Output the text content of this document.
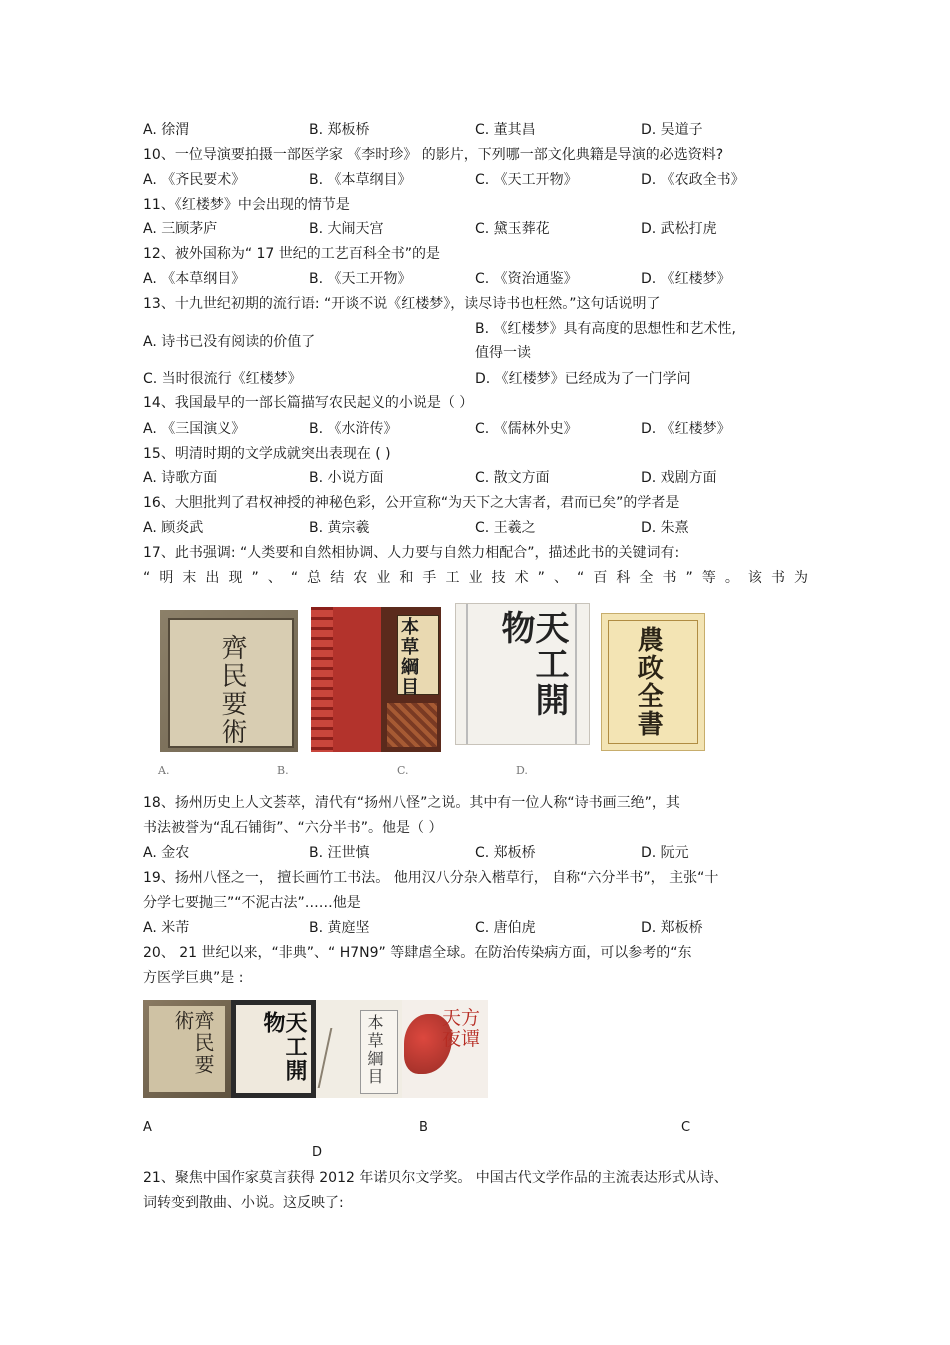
A. 徐渭	B. 郑板桥	C. 董其昌	D. 吴道子
10、一位导演要拍摄一部医学家 《李时珍》 的影片，下列哪一部文化典籍是导演的必选资料?
A. 《齐民要术》	B. 《本草纲目》	C. 《天工开物》	D. 《农政全书》
11、《红楼梦》中会出现的情节是
A. 三顾茅庐	B. 大闹天宫	C. 黛玉葬花	D. 武松打虎
12、被外国称为“ 17 世纪的工艺百科全书”的是
A. 《本草纲目》	B. 《天工开物》	C. 《资治通鉴》	D. 《红楼梦》
13、十九世纪初期的流行语: “开谈不说《红楼梦》，读尽诗书也枉然。”这句话说明了
A. 诗书已没有阅读的价值了
B. 《红楼梦》具有高度的思想性和艺术性,
值得一读
C. 当时很流行《红楼梦》	D. 《红楼梦》已经成为了一门学问
14、我国最早的一部长篇描写农民起义的小说是（ ）
A. 《三国演义》	B. 《水浒传》	C. 《儒林外史》	D. 《红楼梦》
15、明清时期的文学成就突出表现在 ( )
A. 诗歌方面	B. 小说方面	C. 散文方面	D. 戏剧方面
16、大胆批判了君权神授的神秘色彩，公开宣称“为天下之大害者，君而已矣”的学者是
A. 顾炎武	B. 黄宗羲	C. 王羲之	D. 朱熹
17、此书强调: “人类要和自然相协调、人力要与自然力相配合”，描述此书的关键词有:
“ 明 末 出 现 ” 、 “ 总 结 农 业 和 手 工 业 技 术 ” 、 “ 百 科 全 书 ” 等 。 该 书 为
齊民要術	本草綱目	天工開物	農政全書
A.	B.	C.	D.
18、扬州历史上人文荟萃，清代有“扬州八怪”之说。其中有一位人称“诗书画三绝”，其
书法被誉为“乱石铺街”、“六分半书”。他是（ ）
A. 金农	B. 汪世慎	C. 郑板桥	D. 阮元
19、扬州八怪之一， 擅长画竹工书法。 他用汉八分杂入楷草行， 自称“六分半书”， 主张“十
分学七要抛三”“不泥古法”……他是
A. 米芾	B. 黄庭坚	C. 唐伯虎	D. 郑板桥
20、 21 世纪以来，“非典”、“ H7N9” 等肆虐全球。在防治传染病方面，可以参考的“东
方医学巨典”是 :
齊民要術	天工開物	本草綱目	天方夜谭
A	B	C
D
21、聚焦中国作家莫言获得 2012 年诺贝尔文学奖。 中国古代文学作品的主流表达形式从诗、
词转变到散曲、小说。这反映了:
